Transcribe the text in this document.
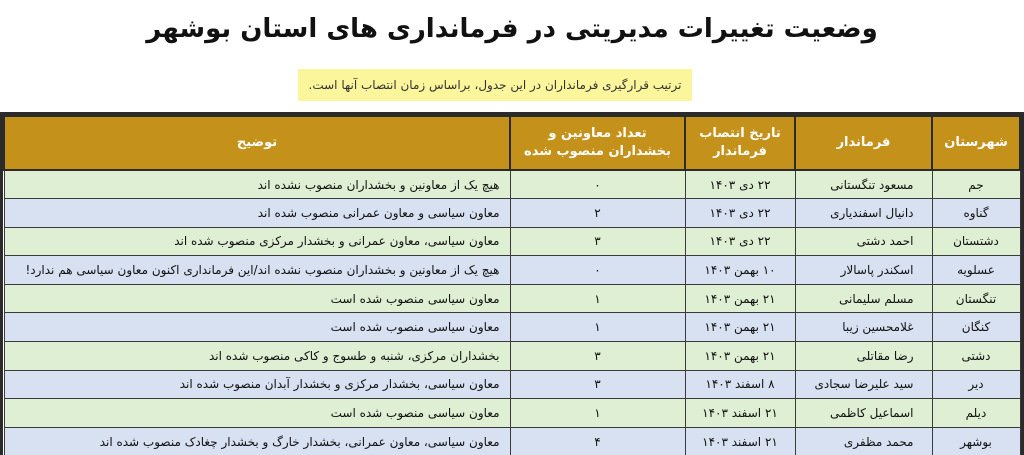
وضعیت تغییرات مدیریتی در فرمانداری های استان بوشهر
ترتیب قرارگیری فرمانداران در این جدول، براساس زمان انتصاب آنها است.
شهرستان	فرماندار	تاریخ انتصاب فرماندار	تعداد معاونین و بخشداران منصوب شده	توضیح
جم	مسعود تنگستانی	۲۲ دی ۱۴۰۳	۰	هیچ یک از معاونین و بخشداران منصوب نشده اند
گناوه	دانیال اسفندیاری	۲۲ دی ۱۴۰۳	۲	معاون سیاسی و معاون عمرانی منصوب شده اند
دشتستان	احمد دشتی	۲۲ دی ۱۴۰۳	۳	معاون سیاسی، معاون عمرانی و بخشدار مرکزی منصوب شده اند
عسلویه	اسکندر پاسالار	۱۰ بهمن ۱۴۰۳	۰	هیچ یک از معاونین و بخشداران منصوب نشده اند/این فرمانداری اکنون معاون سیاسی هم ندارد!
تنگستان	مسلم سلیمانی	۲۱ بهمن ۱۴۰۳	۱	معاون سیاسی منصوب شده است
کنگان	غلامحسین زیبا	۲۱ بهمن ۱۴۰۳	۱	معاون سیاسی منصوب شده است
دشتی	رضا مقاتلی	۲۱ بهمن ۱۴۰۳	۳	بخشداران مرکزی، شنبه و طسوج و کاکی منصوب شده اند
دیر	سید علیرضا سجادی	۸ اسفند ۱۴۰۳	۳	معاون سیاسی، بخشدار مرکزی و بخشدار آبدان منصوب شده اند
دیلم	اسماعیل کاظمی	۲۱ اسفند ۱۴۰۳	۱	معاون سیاسی منصوب شده است
بوشهر	محمد مظفری	۲۱ اسفند ۱۴۰۳	۴	معاون سیاسی، معاون عمرانی، بخشدار خارگ و بخشدار چغادک منصوب شده اند
